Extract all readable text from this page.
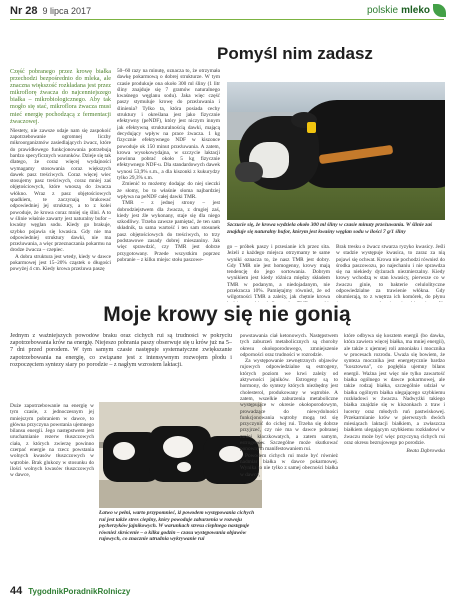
Nr 28 9 lipca 2017	polskie mleko
Pomyśl nim zadasz

Część pobranego przez krowę białka przechodzi bezpośrednio do mleka, ale znaczna większość rozkładana jest przez mikroflorę żwacza do najcenniejszego białka – mikrobiologicznego. Aby tak mogło się stać, mikroflora żwacza musi mieć energię pochodzącą z fermentacji żwaczowej.

Niestety, nie zawsze udaje nam się zaspokoić zapotrzebowanie ogromnej liczby mikroorganizmów zasiedlających żwacz, które do prawidłowego funkcjonowania potrzebują bardzo specyficznych warunków. Dzieje się tak dlatego, że coraz więcej wydajności wymagamy stosowania coraz większych dawek pasz treściwych. Coraz więcej wiec stosujemy pasz treściwych, coraz mniej zaś objętościowych, które wnoszą do żwacza włókno. Wraz z pasz objętościowych spadkiem, te zaczynają brakować odpowiedniej jej struktury, a to z kolei powoduje, że krowa coraz mniej się ślini. A to w ślinie właśnie zawarty jest naturalny bufor – kwaśny węglan sodu. Kiedy go brakuje, szybko pojawia się kwasica. Gdy nie ma odpowiedniej struktury dawki, nie ma przeżuwania, a więc przeznaczania pokarmu na drodze żwacza – czepiec.

A dobra struktura jest wtedy, kiedy w dawce pokarmowej jest 15–20% cząstek o długości powyżej 4 cm. Kiedy krowa przeżuwa paszę

50–60 razy na minutę, oznacza to, że otrzymała dawkę pokarmową o dobrej strukturze. W tym czasie produkuje ona około 300 ml śliny (1 litr śliny znajduje się 7 gramów naturalnego kwaśnego węglanu sodu). Jaka więc część paszy stymuluje krowę do przeżuwania i ślinienia? Tylko ta, która posiada cechy struktury i określana jest jako fizycznie efektywny (peNDF), który jest niczym innym jak efektywną strukturalnością dawki, mającą decydujący wpływ na prace żwacza. 1 kg fizycznie efektywnego NDF w kiszonce powoduje ok 150 minut przeżuwania. A zatem, krowa wysokowydajna, w szczycie laktacji powinna pobrać około 5 kg fizycznie efektywnego NDF-u. Dla standardowych dawek wynosi 53,9% s.m., a dla kiszonki z kukurydzy tylko 29,3% s.m.

Zmienić to możemy dodając do niej sieczki ze słomy, bo to właśnie słoma najbardziej wpływa na peNDF całej dawki TMR.

TMR – z jednej strony – jest dobrodziejstwem dla żwacza, z drugiej zaś, kiedy jest źle wykonany, staje się dla niego szkodliwy. Trzeba zawsze pamiętać, że ten sam składnik, ta sama wartość i ten sam stosunek pasz objętościowych do treściwych, to trzy podstawowe zasady dobrej mieszaniny. Jak więc sprawdzić, czy TMR jest dobrze przygotowany. Przede wszystkim poprzez pobranie – z kilku miejsc stołu paszowe-

Szczucie się, że krowa wydziela około 300 ml śliny w czasie minuty przeżuwania. W ślinie zaś znajduje się naturalny bufor, którym jest kwaśny węglan sodu w ilości 7 g/1 śliny

go – próbek paszy i przesianie ich przez sita. Jeżeli z każdego miejsca otrzymamy te same wyniki oznacza to, że nasz TMR jest dobry. Gdy TMR nie jest homogenny, krowy mają tendencję do jego sortowania. Dobrym wynikiem jest kiedy różnica między składem TMR w podanym, a niedojadanym, nie przekracza 10%. Pamiętajmy również, że od wilgotności TMR a zależy, jak chętnie krowa

Brak tresku o żwacz stwarza ryzyko kwasicy. Jeśli w stadzie występuje kwasica, to zaraz za nią pojawi się ochwat. Krowa nie pochodzi również do środka paszowozu, po najechaniu i nie sprawdza się na niekiedy dyżurach niezmierzalny. Kiedy krowy wchodzą w stan kwasicy, pierwsze co w żwaczu ginie, to bakterie celulolityczne odpowiedzialne za trawienie włókna. Gdy obumierają, to z wnętrza ich komórek, do płynu

Moje krowy się nie gonią

Jednym z ważniejszych powodów braku oraz cichych rui są trudności w pokryciu zapotrzebowania krów na energię. Niejeszo pobrania paszy obserwuje się u krów już na 5–7 dni przed porodem. W tym samym czasie następuje systematyczne zwiększanie zapotrzebowania na energię, co związane jest z intensywnym rozwojem płodu i rozpoczęciem syntezy siary po porodzie – z nagłym wzrostem laktacji.

Duże zapotrzebowanie na energię w tym czasie, z jednoczesnym jej mniejszym pobraniem w dawce, to główna przyczyna powstania ujemnego bilansu energii. Jego następstwem jest uruchamianie rezerw tłuszczowych ciała, z których zwierzę powinno czerpać energie na rzecz powstania wolnych kwasów tłuszczowych w wątrobie. Brak glukozy w stosunku do ilości wolnych kwasów tłuszczowych w dawce,

Łatwo w pełni, warto przypomnieć, iż powodem występowania cichych rui jest także stres cieplny, który powoduje zaburzenia w rozwoju pęcherzyków jajnikowych. W warunkach stresu cieplnego następuje również skrócenie – o kilka godzin – czasu występowania objawów rujowych, co znacznie utrudnia wykrywanie rui

powstawania ciał ketonowych. Następstwem tych zaburzeń metabolicznych są choroby okresu okołoporodowego, zmniejszenie odporności oraz trudności w rozrodzie.

Za występowanie zewnętrznych objawów rujowych odpowiedzialne są estrogeny, których poziom we krwi zależy od aktywności jajników. Estrogeny są to hormony, do syntezy których niezbędny jest cholesterol, produkowany w wątrobie. A zatem, wszelkie zaburzenia metaboliczne występujące w okresie okołoporodowym, prowadzące do niewydolności funkcjonowania wątroby mogą też się przyczynić do cichej rui. Trzeba się dobrze przyjrzeć, czy nie ma w dawce pobranej mniej kłaczkowatych, a zatem samym, estrogenów. Szczególne może skutkować ponownym manifestowaniem rui.

Powodem cichych rui może być również nadmiar białka w dawce pokarmowej. Wynika to nie tylko z samej obecności białka w dawce,

które odbywa się kosztem energii (bo dawka, która zawiera więcej białka, ma mniej energii), ale także z ujemnej roli amoniaku i mocznika w procesach rozrodu. Uważa się bowiem, że synteza mocznika jest energetycznie bardzo "kosztowna", co pogłębia ujemny bilans energii. Ważna jest więc nie tylko zawartość białka ogólnego w dawce pokarmowej, ale także rodzaj białka, szczególnie udział w białku ogólnym białka ulegającego szybkiemu rozkładowi w żwaczu. Nadwyżki takiego białka znajdzie się w kiszonkach z traw i lucerny oraz młodych ruń pastwiskowej. Przekarmianie krów w pierwszych dwóch miesiącach laktacji białkiem, a zwłaszcza białkiem ulegającym szybkiemu rozkładowi w żwaczu może być więc przyczyną cichych rui oraz okresu bezrujowego po porodzie.

Beata Dąbrowska
44 TygodnikPoradnikRolniczy
